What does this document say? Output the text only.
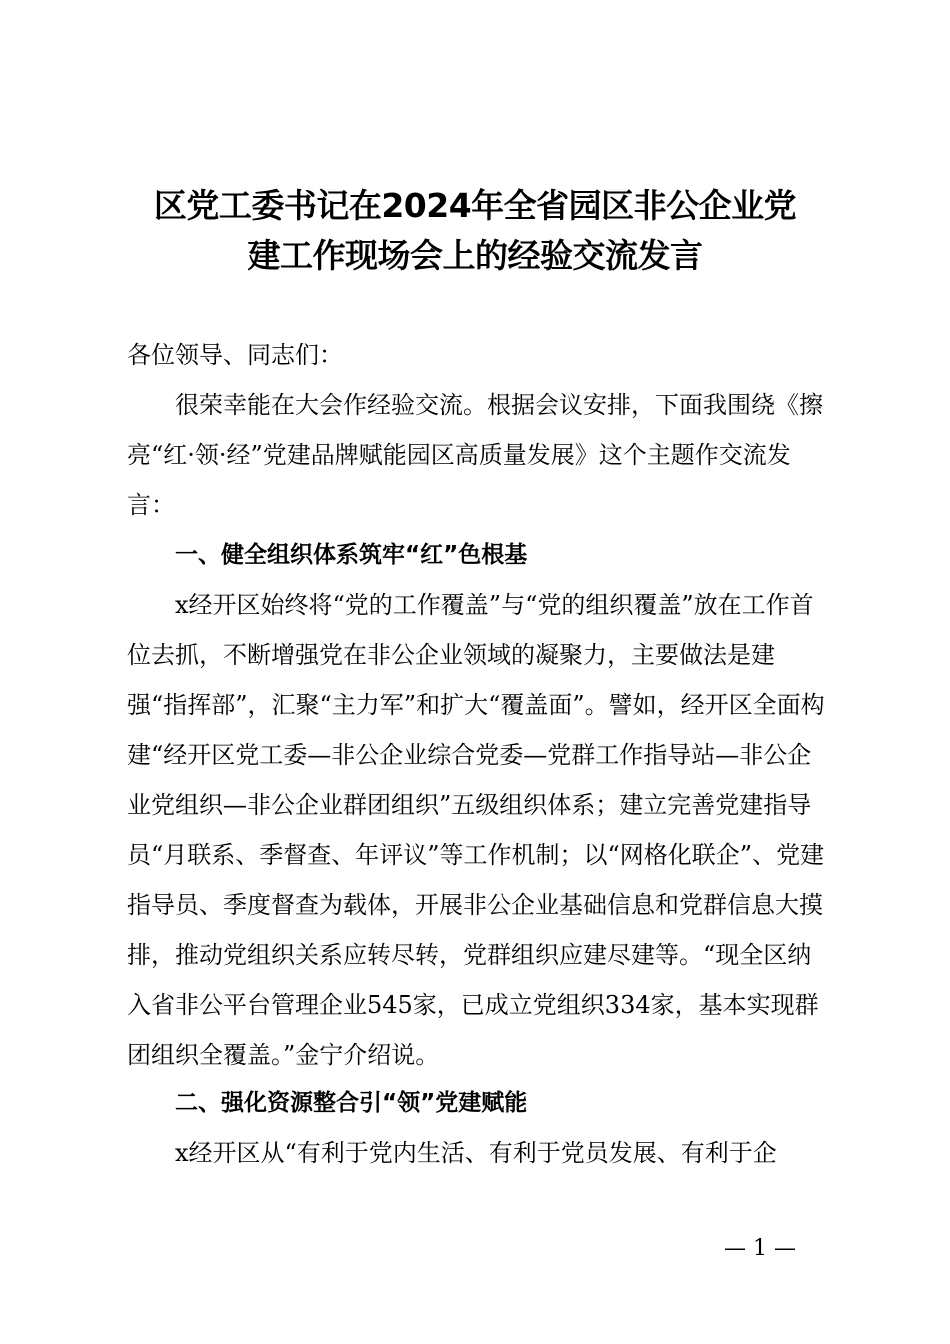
区党工委书记在2024年全省园区非公企业党
建工作现场会上的经验交流发言

各位领导、同志们：

很荣幸能在大会作经验交流。根据会议安排，下面我围绕《擦亮“红·领·经”党建品牌赋能园区高质量发展》这个主题作交流发言：

一、健全组织体系筑牢“红”色根基

x经开区始终将“党的工作覆盖”与“党的组织覆盖”放在工作首位去抓，不断增强党在非公企业领域的凝聚力，主要做法是建强“指挥部”，汇聚“主力军”和扩大“覆盖面”。譬如，经开区全面构建“经开区党工委—非公企业综合党委—党群工作指导站—非公企业党组织—非公企业群团组织”五级组织体系；建立完善党建指导员“月联系、季督查、年评议”等工作机制；以“网格化联企”、党建指导员、季度督查为载体，开展非公企业基础信息和党群信息大摸排，推动党组织关系应转尽转，党群组织应建尽建等。“现全区纳入省非公平台管理企业545家，已成立党组织334家，基本实现群团组织全覆盖。”金宁介绍说。

二、强化资源整合引“领”党建赋能

x经开区从“有利于党内生活、有利于党员发展、有利于企

— 1 —
